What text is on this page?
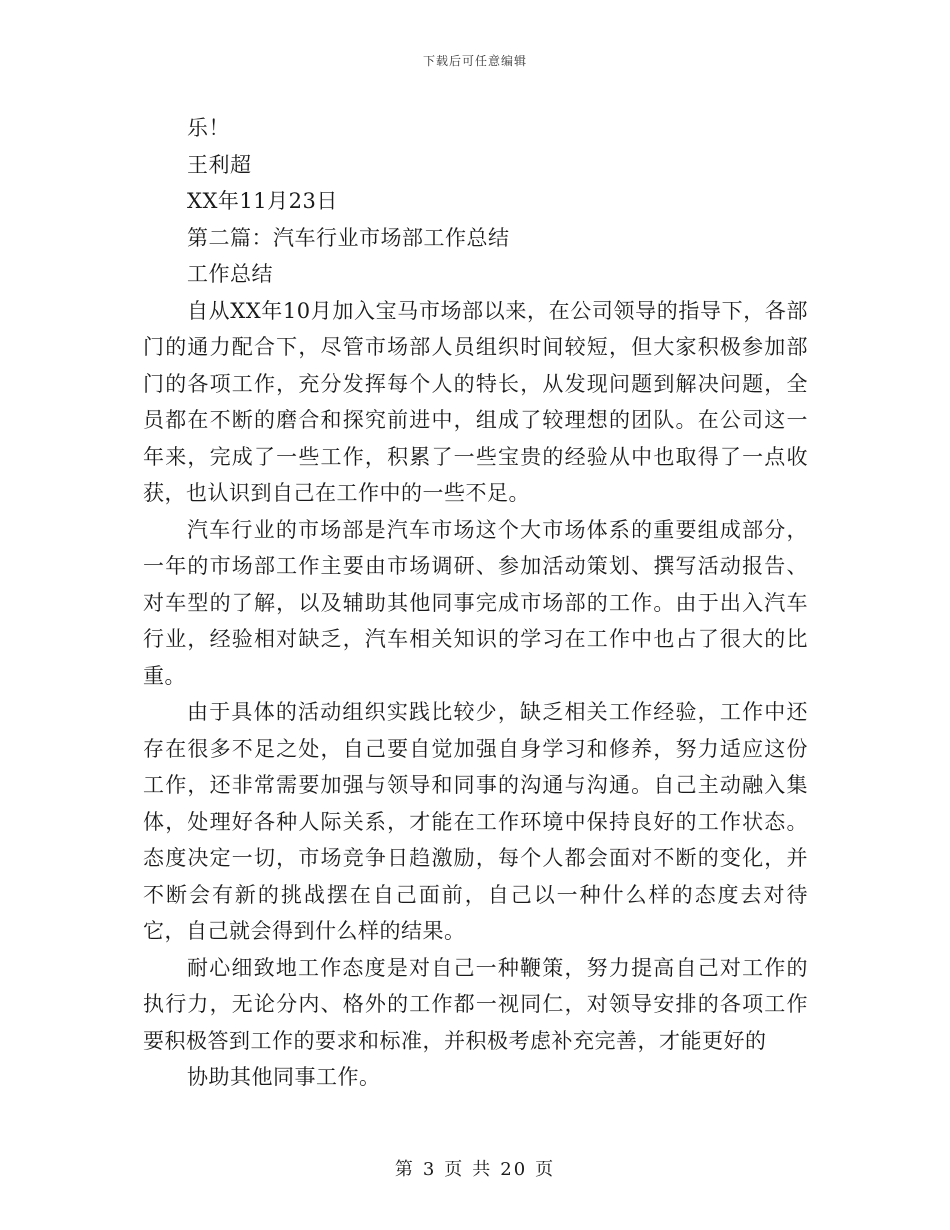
下载后可任意编辑
乐！
王利超
XX年11月23日
第二篇：汽车行业市场部工作总结
工作总结

自从XX年10月加入宝马市场部以来，在公司领导的指导下，各部门的通力配合下，尽管市场部人员组织时间较短，但大家积极参加部门的各项工作，充分发挥每个人的特长，从发现问题到解决问题，全员都在不断的磨合和探究前进中，组成了较理想的团队。在公司这一年来，完成了一些工作，积累了一些宝贵的经验从中也取得了一点收获，也认识到自己在工作中的一些不足。

汽车行业的市场部是汽车市场这个大市场体系的重要组成部分，一年的市场部工作主要由市场调研、参加活动策划、撰写活动报告、对车型的了解，以及辅助其他同事完成市场部的工作。由于出入汽车行业，经验相对缺乏，汽车相关知识的学习在工作中也占了很大的比重。

由于具体的活动组织实践比较少，缺乏相关工作经验，工作中还存在很多不足之处，自己要自觉加强自身学习和修养，努力适应这份工作，还非常需要加强与领导和同事的沟通与沟通。自己主动融入集体，处理好各种人际关系，才能在工作环境中保持良好的工作状态。态度决定一切，市场竞争日趋激励，每个人都会面对不断的变化，并不断会有新的挑战摆在自己面前，自己以一种什么样的态度去对待它，自己就会得到什么样的结果。

耐心细致地工作态度是对自己一种鞭策，努力提高自己对工作的执行力，无论分内、格外的工作都一视同仁，对领导安排的各项工作要积极答到工作的要求和标准，并积极考虑补充完善，才能更好的

协助其他同事工作。

第 3 页 共 20 页
